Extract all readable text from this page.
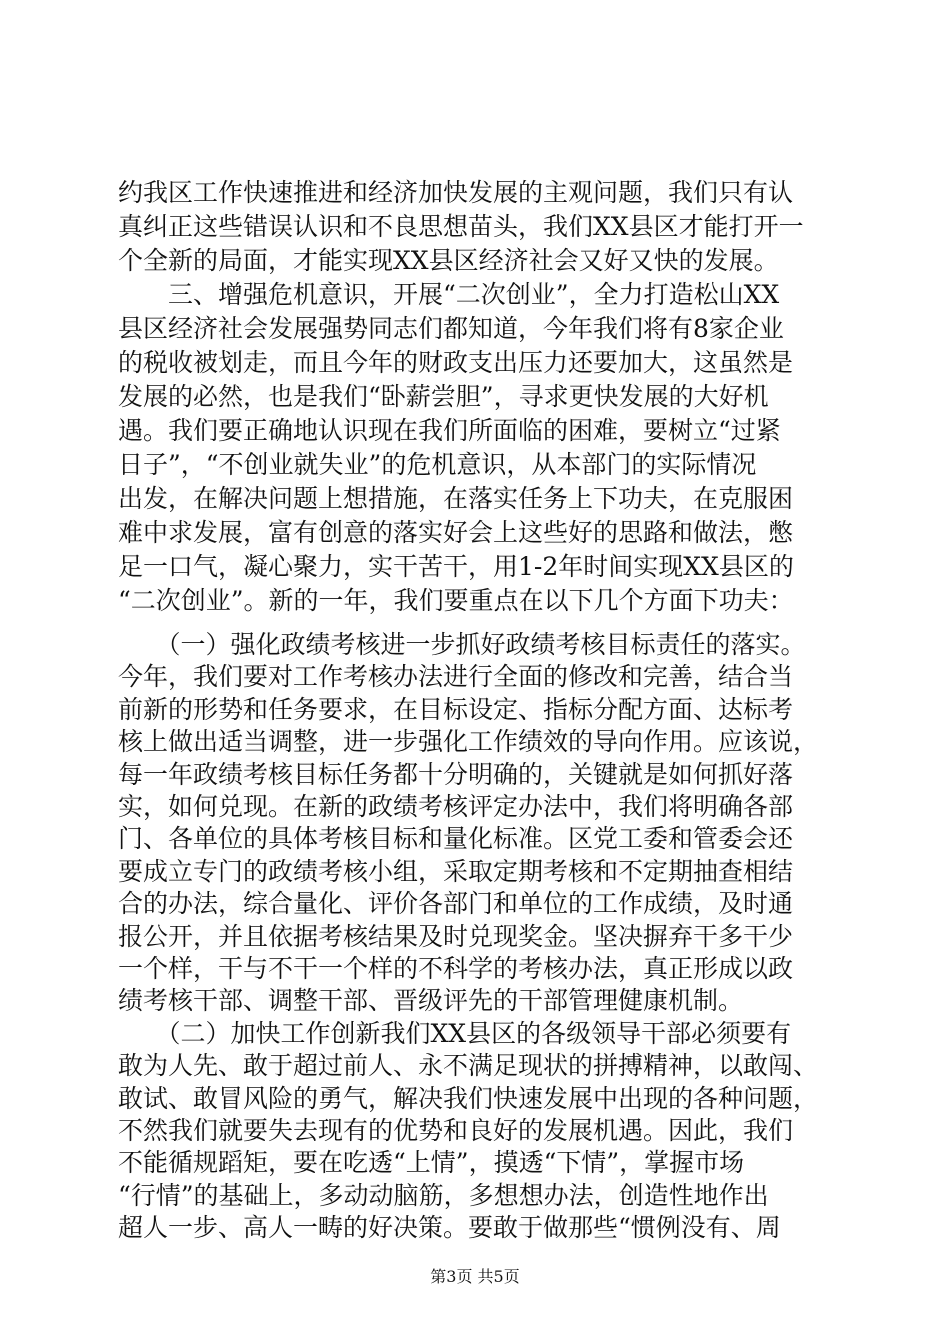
约我区工作快速推进和经济加快发展的主观问题，我们只有认
真纠正这些错误认识和不良思想苗头，我们XX县区才能打开一
个全新的局面，才能实现XX县区经济社会又好又快的发展。
　　三、增强危机意识，开展“二次创业”，全力打造松山XX
县区经济社会发展强势同志们都知道，今年我们将有8家企业
的税收被划走，而且今年的财政支出压力还要加大，这虽然是
发展的必然，也是我们“卧薪尝胆”，寻求更快发展的大好机
遇。我们要正确地认识现在我们所面临的困难，要树立“过紧
日子”，“不创业就失业”的危机意识，从本部门的实际情况
出发，在解决问题上想措施，在落实任务上下功夫，在克服困
难中求发展，富有创意的落实好会上这些好的思路和做法，憋
足一口气，凝心聚力，实干苦干，用1-2年时间实现XX县区的
“二次创业”。新的一年，我们要重点在以下几个方面下功夫：
　　（一）强化政绩考核进一步抓好政绩考核目标责任的落实。
今年，我们要对工作考核办法进行全面的修改和完善，结合当
前新的形势和任务要求，在目标设定、指标分配方面、达标考
核上做出适当调整，进一步强化工作绩效的导向作用。应该说，
每一年政绩考核目标任务都十分明确的，关键就是如何抓好落
实，如何兑现。在新的政绩考核评定办法中，我们将明确各部
门、各单位的具体考核目标和量化标准。区党工委和管委会还
要成立专门的政绩考核小组，采取定期考核和不定期抽查相结
合的办法，综合量化、评价各部门和单位的工作成绩，及时通
报公开，并且依据考核结果及时兑现奖金。坚决摒弃干多干少
一个样，干与不干一个样的不科学的考核办法，真正形成以政
绩考核干部、调整干部、晋级评先的干部管理健康机制。
　　（二）加快工作创新我们XX县区的各级领导干部必须要有
敢为人先、敢于超过前人、永不满足现状的拼搏精神，以敢闯、
敢试、敢冒风险的勇气，解决我们快速发展中出现的各种问题，
不然我们就要失去现有的优势和良好的发展机遇。因此，我们
不能循规蹈矩，要在吃透“上情”，摸透“下情”，掌握市场
“行情”的基础上，多动动脑筋，多想想办法，创造性地作出
第3页 共5页
超人一步、高人一畴的好决策。要敢于做那些“惯例没有、周
